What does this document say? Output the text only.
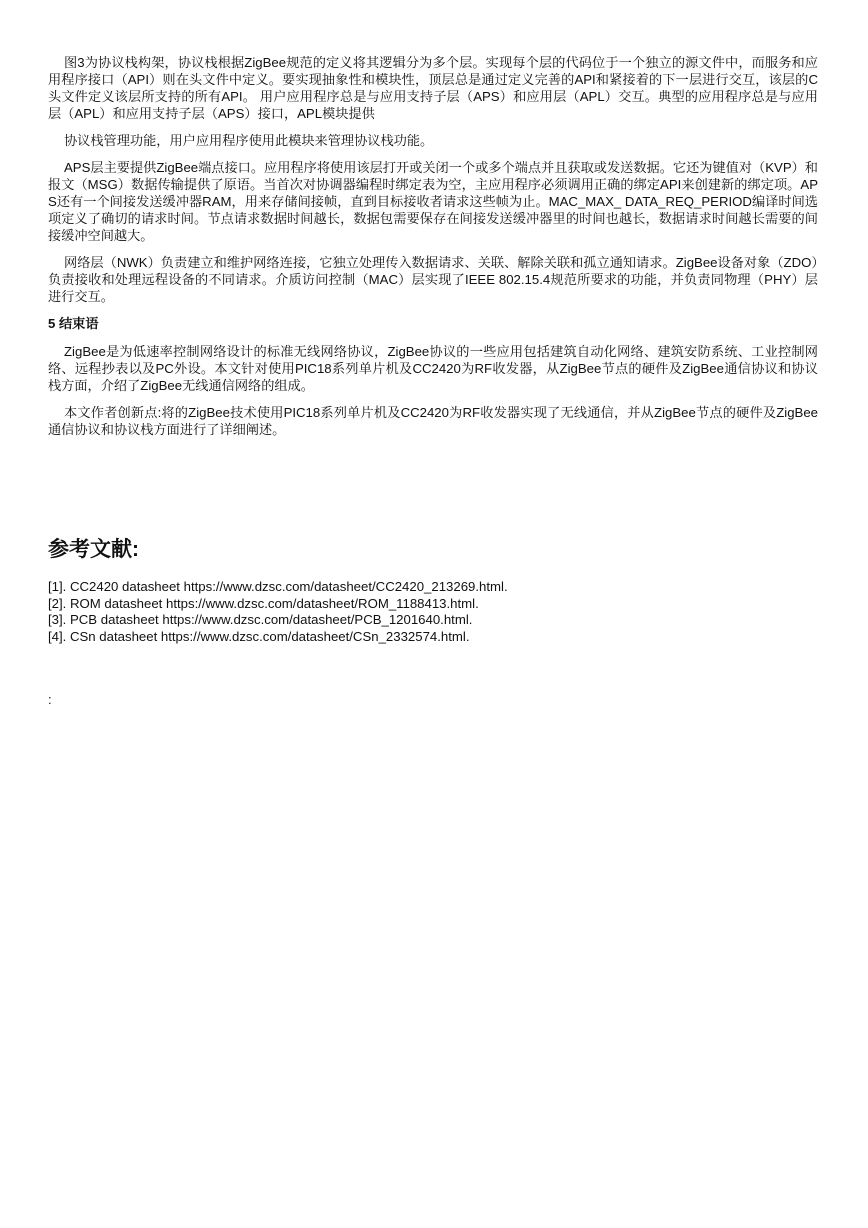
图3为协议栈构架，协议栈根据ZigBee规范的定义将其逻辑分为多个层。实现每个层的代码位于一个独立的源文件中，而服务和应用程序接口（API）则在头文件中定义。要实现抽象性和模块性，顶层总是通过定义完善的API和紧接着的下一层进行交互，该层的C头文件定义该层所支持的所有API。 用户应用程序总是与应用支持子层（APS）和应用层（APL）交互。典型的应用程序总是与应用层（APL）和应用支持子层（APS）接口，APL模块提供

协议栈管理功能，用户应用程序使用此模块来管理协议栈功能。

APS层主要提供ZigBee端点接口。应用程序将使用该层打开或关闭一个或多个端点并且获取或发送数据。它还为键值对（KVP）和报文（MSG）数据传输提供了原语。当首次对协调器编程时绑定表为空，主应用程序必须调用正确的绑定API来创建新的绑定项。APS还有一个间接发送缓冲器RAM，用来存储间接帧，直到目标接收者请求这些帧为止。MAC_MAX_ DATA_REQ_PERIOD编译时间选项定义了确切的请求时间。节点请求数据时间越长，数据包需要保存在间接发送缓冲器里的时间也越长，数据请求时间越长需要的间接缓冲空间越大。

网络层（NWK）负责建立和维护网络连接，它独立处理传入数据请求、关联、解除关联和孤立通知请求。ZigBee设备对象（ZDO）负责接收和处理远程设备的不同请求。介质访问控制（MAC）层实现了IEEE 802.15.4规范所要求的功能，并负责同物理（PHY）层进行交互。

5 结束语

ZigBee是为低速率控制网络设计的标准无线网络协议，ZigBee协议的一些应用包括建筑自动化网络、建筑安防系统、工业控制网络、远程抄表以及PC外设。本文针对使用PIC18系列单片机及CC2420为RF收发器，从ZigBee节点的硬件及ZigBee通信协议和协议栈方面，介绍了ZigBee无线通信网络的组成。

本文作者创新点:将的ZigBee技术使用PIC18系列单片机及CC2420为RF收发器实现了无线通信，并从ZigBee节点的硬件及ZigBee通信协议和协议栈方面进行了详细阐述。

参考文献:
[1]. CC2420 datasheet https://www.dzsc.com/datasheet/CC2420_213269.html.
[2]. ROM datasheet https://www.dzsc.com/datasheet/ROM_1188413.html.
[3]. PCB datasheet https://www.dzsc.com/datasheet/PCB_1201640.html.
[4]. CSn datasheet https://www.dzsc.com/datasheet/CSn_2332574.html.
:
